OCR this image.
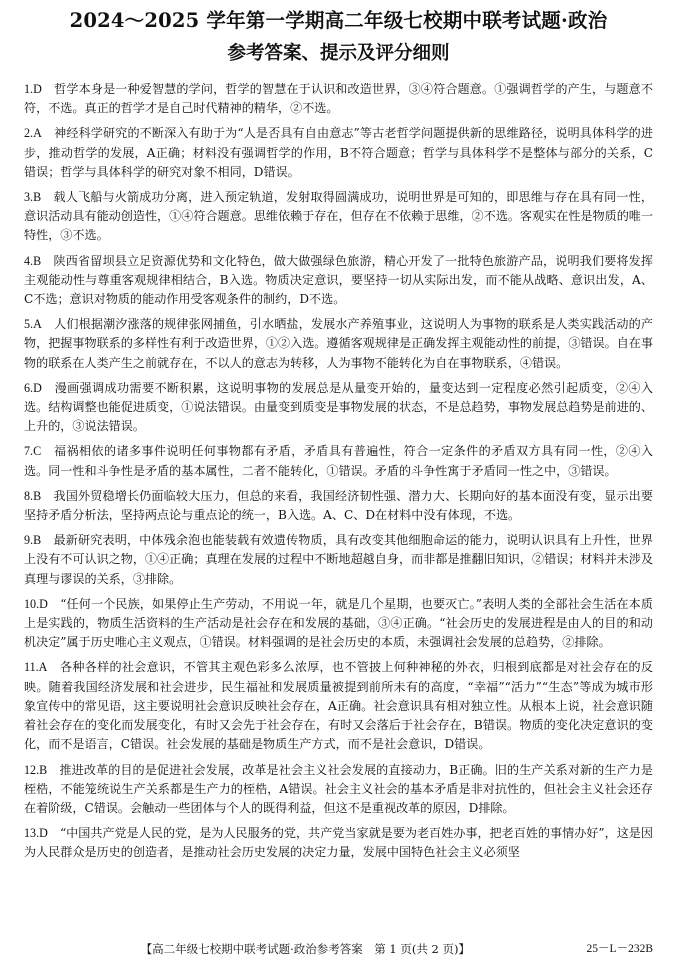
2024～2025 学年第一学期高二年级七校期中联考试题·政治
参考答案、提示及评分细则

1.D　 哲学本身是一种爱智慧的学问，哲学的智慧在于认识和改造世界，③④符合题意。①强调哲学的产生，与题意不符，不选。真正的哲学才是自己时代精神的精华，②不选。

2.A　 神经科学研究的不断深入有助于为“人是否具有自由意志”等古老哲学问题提供新的思维路径，说明具体科学的进步，推动哲学的发展，A正确；材料没有强调哲学的作用，B不符合题意；哲学与具体科学不是整体与部分的关系，C错误；哲学与具体科学的研究对象不相同，D错误。

3.B　 载人飞船与火箭成功分离，进入预定轨道，发射取得圆满成功，说明世界是可知的，即思维与存在具有同一性，意识活动具有能动创造性，①④符合题意。思维依赖于存在，但存在不依赖于思维，②不选。客观实在性是物质的唯一特性，③不选。

4.B　 陕西省留坝县立足资源优势和文化特色，做大做强绿色旅游，精心开发了一批特色旅游产品，说明我们要将发挥主观能动性与尊重客观规律相结合，B入选。物质决定意识，要坚持一切从实际出发，而不能从战略、意识出发，A、C不选；意识对物质的能动作用受客观条件的制约，D不选。

5.A　 人们根据潮汐涨落的规律张网捕鱼，引水晒盐，发展水产养殖事业，这说明人为事物的联系是人类实践活动的产物，把握事物联系的多样性有利于改造世界，①②入选。遵循客观规律是正确发挥主观能动性的前提，③错误。自在事物的联系在人类产生之前就存在，不以人的意志为转移，人为事物不能转化为自在事物联系，④错误。

6.D　 漫画强调成功需要不断积累，这说明事物的发展总是从量变开始的，量变达到一定程度必然引起质变，②④入选。结构调整也能促进质变，①说法错误。由量变到质变是事物发展的状态，不是总趋势，事物发展总趋势是前进的、上升的，③说法错误。

7.C　 福祸相依的诸多事件说明任何事物都有矛盾，矛盾具有普遍性，符合一定条件的矛盾双方具有同一性，②④入选。同一性和斗争性是矛盾的基本属性，二者不能转化，①错误。矛盾的斗争性寓于矛盾同一性之中，③错误。

8.B　 我国外贸稳增长仍面临较大压力，但总的来看，我国经济韧性强、潜力大、长期向好的基本面没有变，显示出要坚持矛盾分析法，坚持两点论与重点论的统一，B入选。A、C、D在材料中没有体现，不选。

9.B　 最新研究表明，中体残余泡也能装载有效遗传物质，具有改变其他细胞命运的能力，说明认识具有上升性，世界上没有不可认识之物，①④正确；真理在发展的过程中不断地超越自身，而非都是推翻旧知识，②错误；材料并未涉及真理与谬误的关系，③排除。

10.D　 “任何一个民族，如果停止生产劳动，不用说一年，就是几个星期，也要灭亡。”表明人类的全部社会生活在本质上是实践的，物质生活资料的生产活动是社会存在和发展的基础，③④正确。“社会历史的发展进程是由人的目的和动机决定”属于历史唯心主义观点，①错误。材料强调的是社会历史的本质，未强调社会发展的总趋势，②排除。

11.A　 各种各样的社会意识，不管其主观色彩多么浓厚，也不管披上何种神秘的外衣，归根到底都是对社会存在的反映。随着我国经济发展和社会进步，民生福祉和发展质量被提到前所未有的高度，“幸福”“活力”“生态”等成为城市形象宣传中的常见语，这主要说明社会意识反映社会存在，A正确。社会意识具有相对独立性。从根本上说，社会意识随着社会存在的变化而发展变化，有时又会先于社会存在，有时又会落后于社会存在，B错误。物质的变化决定意识的变化，而不是语言，C错误。社会发展的基础是物质生产方式，而不是社会意识，D错误。

12.B　 推进改革的目的是促进社会发展，改革是社会主义社会发展的直接动力，B正确。旧的生产关系对新的生产力是桎梏，不能笼统说生产关系都是生产力的桎梏，A错误。社会主义社会的基本矛盾是非对抗性的，但社会主义社会还存在着阶级，C错误。会触动一些团体与个人的既得利益，但这不是重视改革的原因，D排除。

13.D　 “中国共产党是人民的党，是为人民服务的党，共产党当家就是要为老百姓办事，把老百姓的事情办好”，这是因为人民群众是历史的创造者，是推动社会历史发展的决定力量，发展中国特色社会主义必须坚

【高二年级七校期中联考试题·政治参考答案　第 1 页(共 2 页)】	25－L－232B
